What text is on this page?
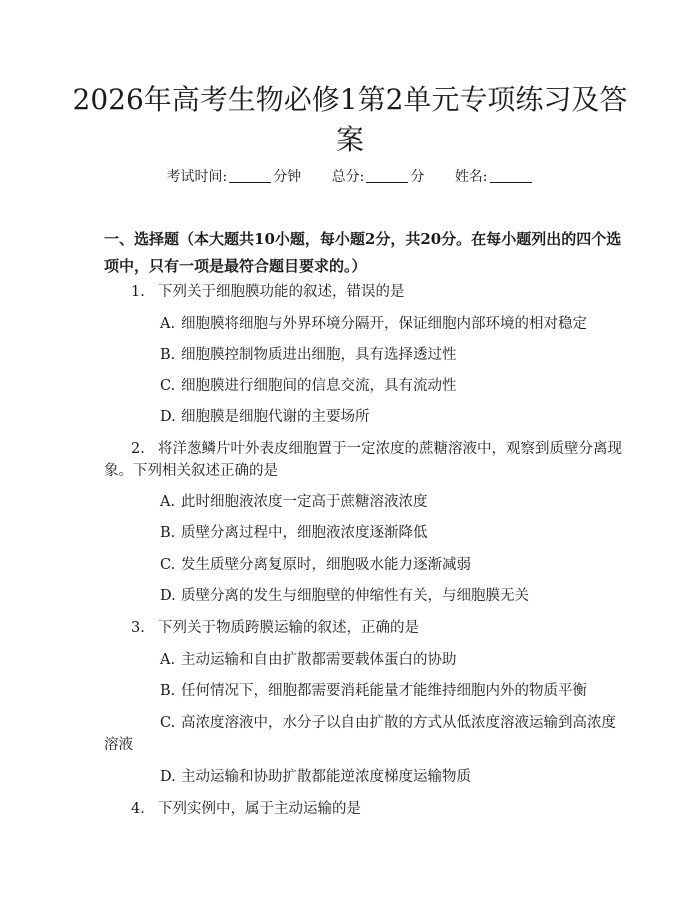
2026年高考生物必修1第2单元专项练习及答案
考试时间:	分钟 总分:	分 姓名:

一、选择题（本大题共10小题，每小题2分，共20分。在每小题列出的四个选项中，只有一项是最符合题目要求的。）

1. 下列关于细胞膜功能的叙述，错误的是
A. 细胞膜将细胞与外界环境分隔开，保证细胞内部环境的相对稳定
B. 细胞膜控制物质进出细胞，具有选择透过性
C. 细胞膜进行细胞间的信息交流，具有流动性
D. 细胞膜是细胞代谢的主要场所
2. 将洋葱鳞片叶外表皮细胞置于一定浓度的蔗糖溶液中，观察到质壁分离现
象。下列相关叙述正确的是
A. 此时细胞液浓度一定高于蔗糖溶液浓度
B. 质壁分离过程中，细胞液浓度逐渐降低
C. 发生质壁分离复原时，细胞吸水能力逐渐减弱
D. 质壁分离的发生与细胞壁的伸缩性有关，与细胞膜无关
3. 下列关于物质跨膜运输的叙述，正确的是
A. 主动运输和自由扩散都需要载体蛋白的协助
B. 任何情况下，细胞都需要消耗能量才能维持细胞内外的物质平衡
C. 高浓度溶液中，水分子以自由扩散的方式从低浓度溶液运输到高浓度
溶液
D. 主动运输和协助扩散都能逆浓度梯度运输物质
4. 下列实例中，属于主动运输的是
